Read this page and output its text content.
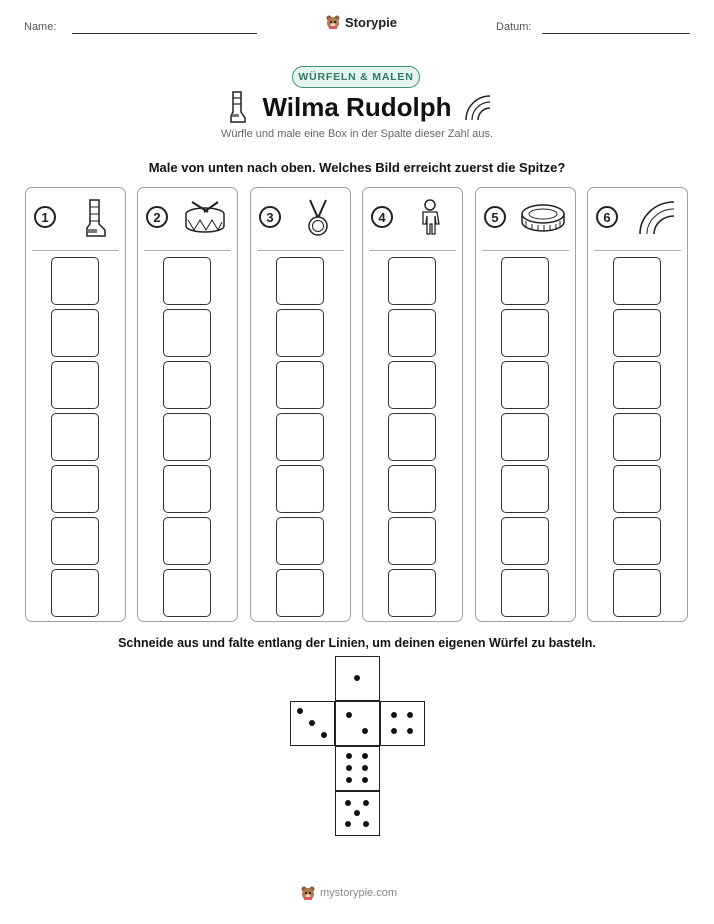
Name:	Storypie	Datum:
WÜRFELN & MALEN
Wilma Rudolph
Würfle und male eine Box in der Spalte dieser Zahl aus.
Male von unten nach oben. Welches Bild erreicht zuerst die Spitze?
1	2	3	4	5	6
Schneide aus und falte entlang der Linien, um deinen eigenen Würfel zu basteln.
mystorypie.com
